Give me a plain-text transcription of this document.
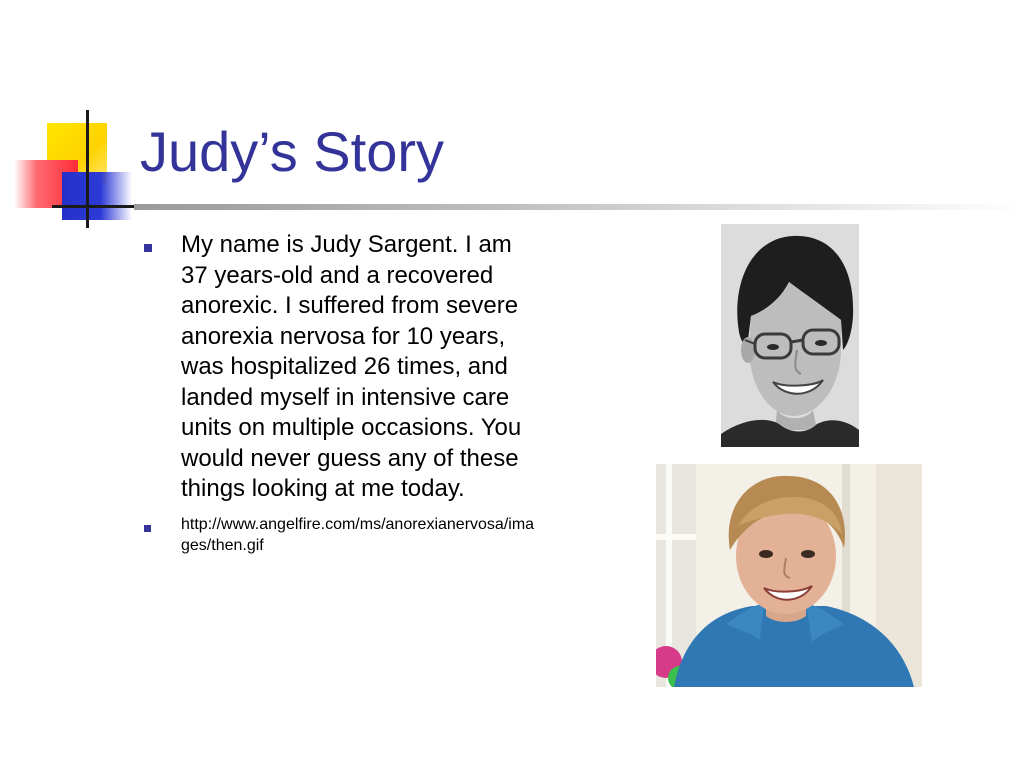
Judy’s Story
My name is Judy Sargent. I am 37 years-old and a recovered anorexic. I suffered from severe anorexia nervosa for 10 years, was hospitalized 26 times, and landed myself in intensive care units on multiple occasions. You would never guess any of these things looking at me today.
http://www.angelfire.com/ms/anorexianervosa/images/then.gif
